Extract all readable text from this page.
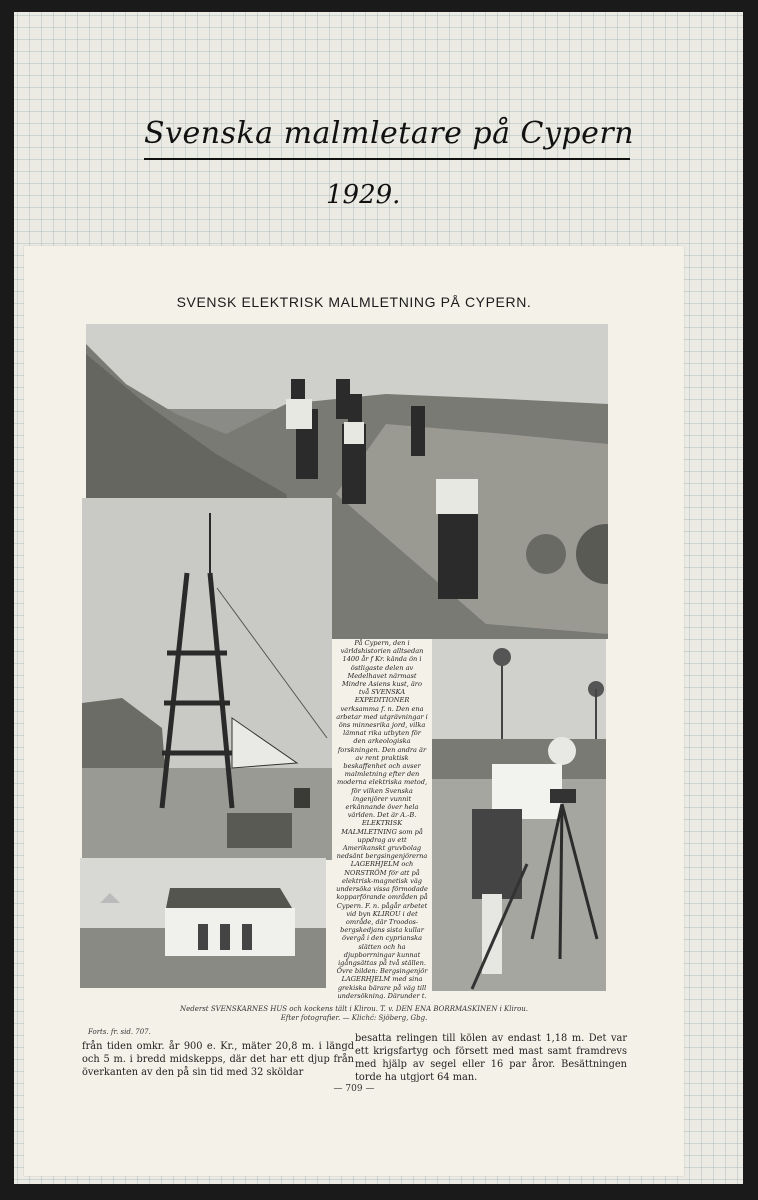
Svenska malmletare på Cypern
1929.
SVENSK ELEKTRISK MALMLETNING PÅ CYPERN.
På Cypern, den i världshistorien alltsedan 1400 år f Kr. kända ön i östligaste delen av Medelhavet närmast Mindre Asiens kust, äro två SVENSKA EXPEDITIONER verksamma f. n. Den ena arbetar med utgrävningar i öns minnesrika jord, vilka lämnat rika utbyten för den arkeologiska forskningen. Den andra är av rent praktisk beskaffenhet och avser malmletning efter den moderna elektriska metod, för vilken Svenska ingenjörer vunnit erkännande över hela världen. Det är A.-B. ELEKTRISK MALMLETNING som på uppdrag av ett Amerikanskt gruvbolag nedsänt bergsingenjörerna LAGERHJELM och NORSTRÖM för att på elektrisk-magnetisk väg undersöka vissa förmodade kopparförande områden på Cypern. F. n. pågår arbetet vid byn KLIROU i det område, där Troodos-bergskedjans sista kullar övergå i den cyprianska slätten och ha djupborrningar kunnat igångsättas på två ställen. Övre bilden: Bergsingenjör LAGERHJELM med sina grekiska bärare på väg till undersökning. Därunder t.
Nederst SVENSKARNES HUS och kockens tält i Klirou. T. v. DEN ENA BORRMASKINEN i Klirou.
Efter fotografier. — Klichć: Sjöberg, Gbg.
Forts. fr. sid. 707.
från tiden omkr. år 900 e. Kr., mäter 20,8 m. i längd och 5 m. i bredd midskepps, där det har ett djup från överkanten av den på sin tid med 32 sköldar
besatta relingen till kölen av endast 1,18 m. Det var ett krigsfartyg och försett med mast samt framdrevs med hjälp av segel eller 16 par åror. Besättningen torde ha utgjort 64 man.
— 709 —
